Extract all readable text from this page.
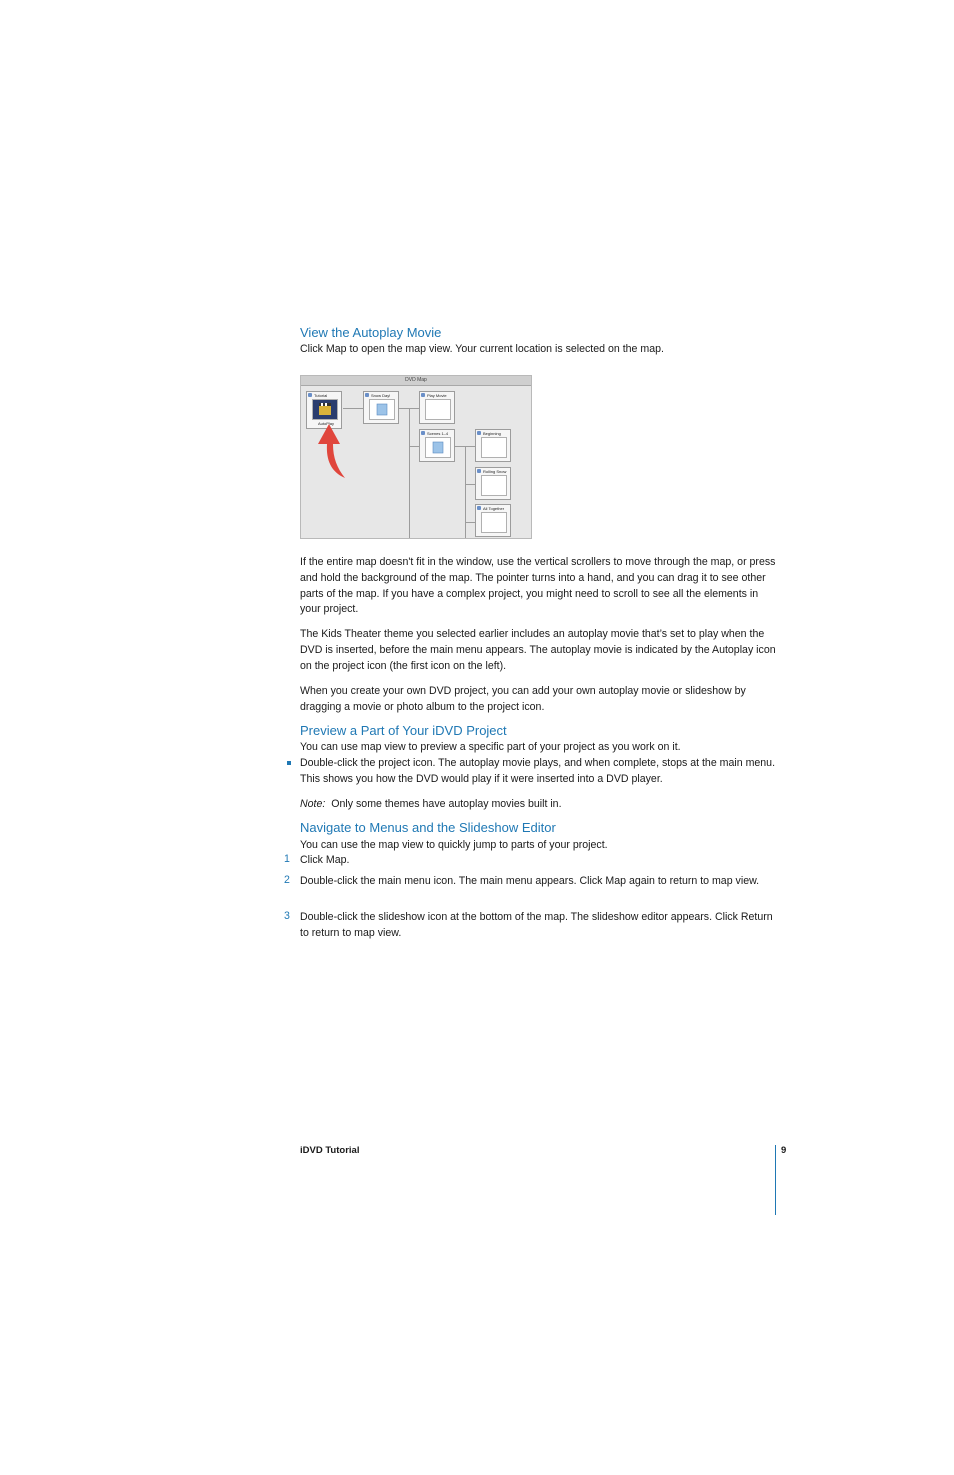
View the Autoplay Movie

Click Map to open the map view. Your current location is selected on the map.

DVD Map
Tutorial
AutoPlay
Snow Day!	Play Movie
Scenes 1–4	Beginning
Rolling Snow
All Together

If the entire map doesn't fit in the window, use the vertical scrollers to move through the map, or press and hold the background of the map. The pointer turns into a hand, and you can drag it to see other parts of the map. If you have a complex project, you might need to scroll to see all the elements in your project.

The Kids Theater theme you selected earlier includes an autoplay movie that’s set to play when the DVD is inserted, before the main menu appears. The autoplay movie is indicated by the Autoplay icon on the project icon (the first icon on the left).

When you create your own DVD project, you can add your own autoplay movie or slideshow by dragging a movie or photo album to the project icon.

Preview a Part of Your iDVD Project

You can use map view to preview a specific part of your project as you work on it.

Double-click the project icon. The autoplay movie plays, and when complete, stops at the main menu. This shows you how the DVD would play if it were inserted into a DVD player.

Note: Only some themes have autoplay movies built in.

Navigate to Menus and the Slideshow Editor

You can use the map view to quickly jump to parts of your project.

1 Click Map.

2 Double-click the main menu icon. The main menu appears. Click Map again to return to map view.

3 Double-click the slideshow icon at the bottom of the map. The slideshow editor appears. Click Return to return to map view.

iDVD Tutorial	9
